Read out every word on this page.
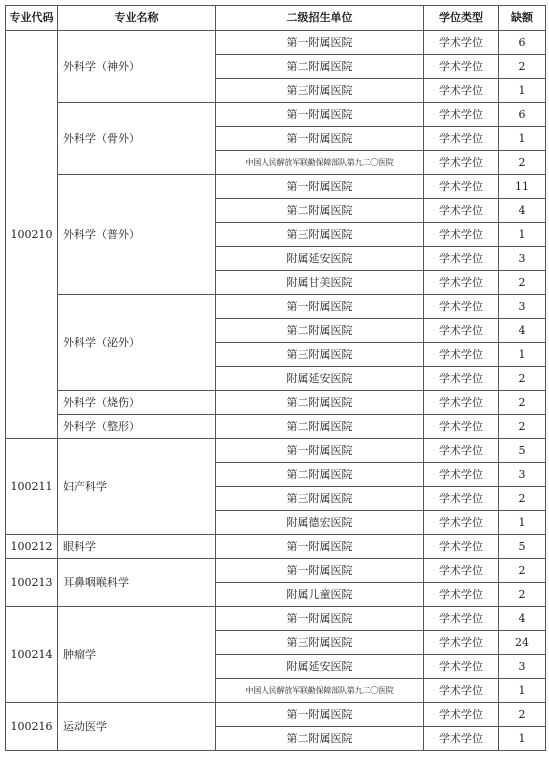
专业代码	专业名称	二级招生单位	学位类型	缺额
100210	外科学（神外）	第一附属医院	学术学位	6
		第二附属医院	学术学位	2
		第三附属医院	学术学位	1
	外科学（骨外）	第一附属医院	学术学位	6
		第一附属医院	学术学位	1
		中国人民解放军联勤保障部队第九二〇医院	学术学位	2
	外科学（普外）	第一附属医院	学术学位	11
		第二附属医院	学术学位	4
		第三附属医院	学术学位	1
		附属延安医院	学术学位	3
		附属甘美医院	学术学位	2
	外科学（泌外）	第一附属医院	学术学位	3
		第二附属医院	学术学位	4
		第三附属医院	学术学位	1
		附属延安医院	学术学位	2
	外科学（烧伤）	第二附属医院	学术学位	2
	外科学（整形）	第二附属医院	学术学位	2
100211	妇产科学	第一附属医院	学术学位	5
		第二附属医院	学术学位	3
		第三附属医院	学术学位	2
		附属德宏医院	学术学位	1
100212	眼科学	第一附属医院	学术学位	5
100213	耳鼻咽喉科学	第一附属医院	学术学位	2
		附属儿童医院	学术学位	2
100214	肿瘤学	第一附属医院	学术学位	4
		第三附属医院	学术学位	24
		附属延安医院	学术学位	3
		中国人民解放军联勤保障部队第九二〇医院	学术学位	1
100216	运动医学	第一附属医院	学术学位	2
		第二附属医院	学术学位	1
